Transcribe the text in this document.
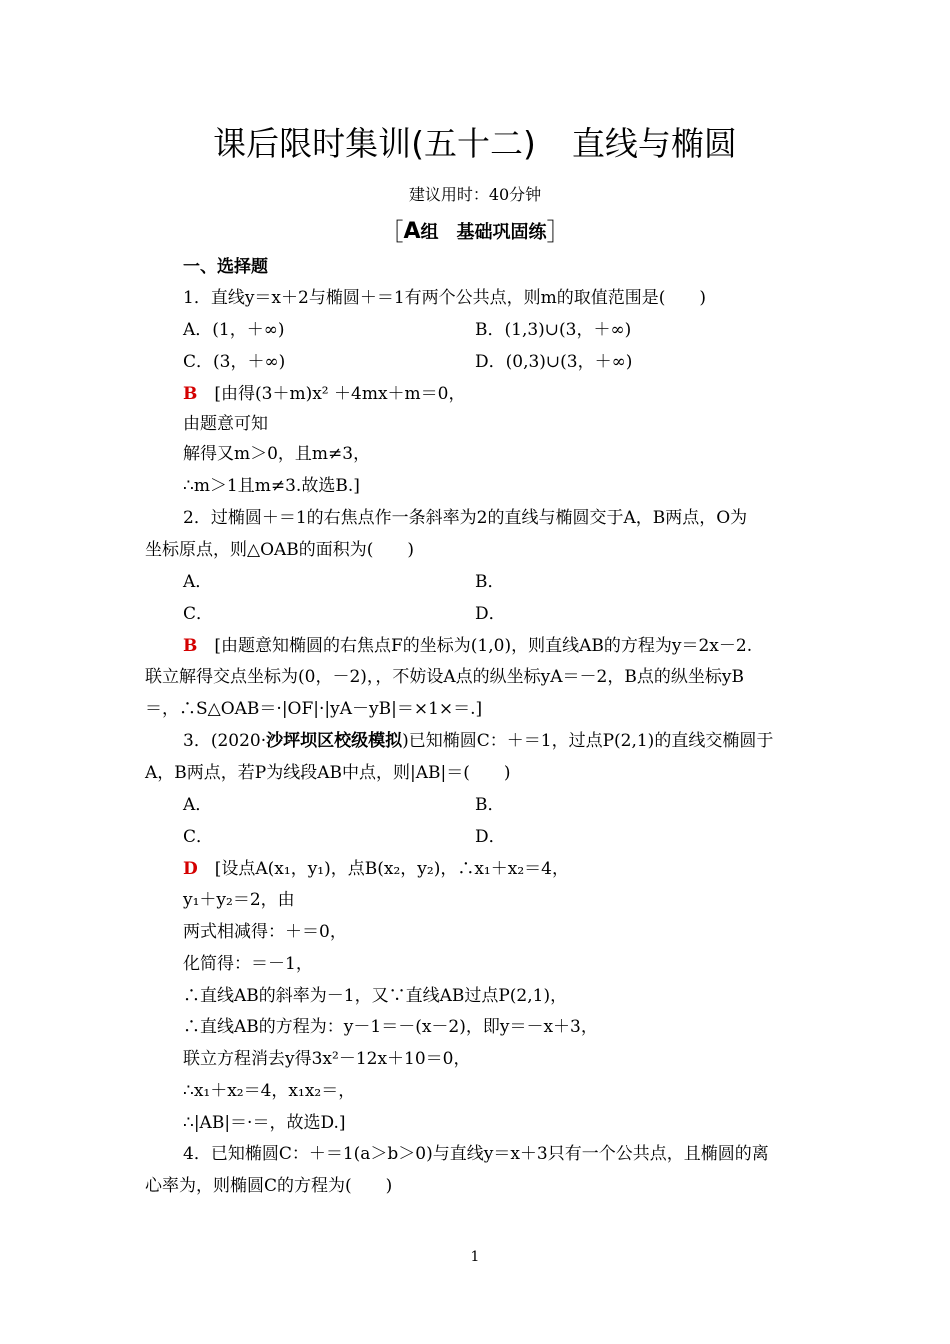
课后限时集训(五十二) 直线与椭圆
建议用时：40分钟
［A组　基础巩固练］
一、选择题
1．直线y＝x＋2与椭圆＋＝1有两个公共点，则m的取值范围是(　　)
A．(1，＋∞)	B．(1,3)∪(3，＋∞)
C．(3，＋∞)	D．(0,3)∪(3，＋∞)
B　 [由得(3＋m)x² ＋4mx＋m＝0，
由题意可知
解得又m＞0，且m≠3，
∴m＞1且m≠3.故选B.]
2．过椭圆＋＝1的右焦点作一条斜率为2的直线与椭圆交于A，B两点，O为
坐标原点，则△OAB的面积为(　　)
A．	B．
C．	D．
B　 [由题意知椭圆的右焦点F的坐标为(1,0)，则直线AB的方程为y＝2x－2.
联立解得交点坐标为(0，－2)，，不妨设A点的纵坐标yA＝－2，B点的纵坐标yB
＝，∴S△OAB＝·|OF|·|yA－yB|＝×1×＝.]
3．(2020·沙坪坝区校级模拟)已知椭圆C：＋＝1，过点P(2,1)的直线交椭圆于
A，B两点，若P为线段AB中点，则|AB|＝(　　)
A．	B．
C．	D．
D　 [设点A(x₁，y₁)，点B(x₂，y₂)，∴x₁＋x₂＝4，
y₁＋y₂＝2，由
两式相减得：＋＝0，
化简得：＝－1，
∴直线AB的斜率为－1，又∵直线AB过点P(2,1)，
∴直线AB的方程为：y－1＝－(x－2)，即y＝－x＋3，
联立方程消去y得3x²－12x＋10＝0，
∴x₁＋x₂＝4，x₁x₂＝，
∴|AB|＝·＝，故选D.]
4．已知椭圆C：＋＝1(a＞b＞0)与直线y＝x＋3只有一个公共点，且椭圆的离
心率为，则椭圆C的方程为(　　)
1
